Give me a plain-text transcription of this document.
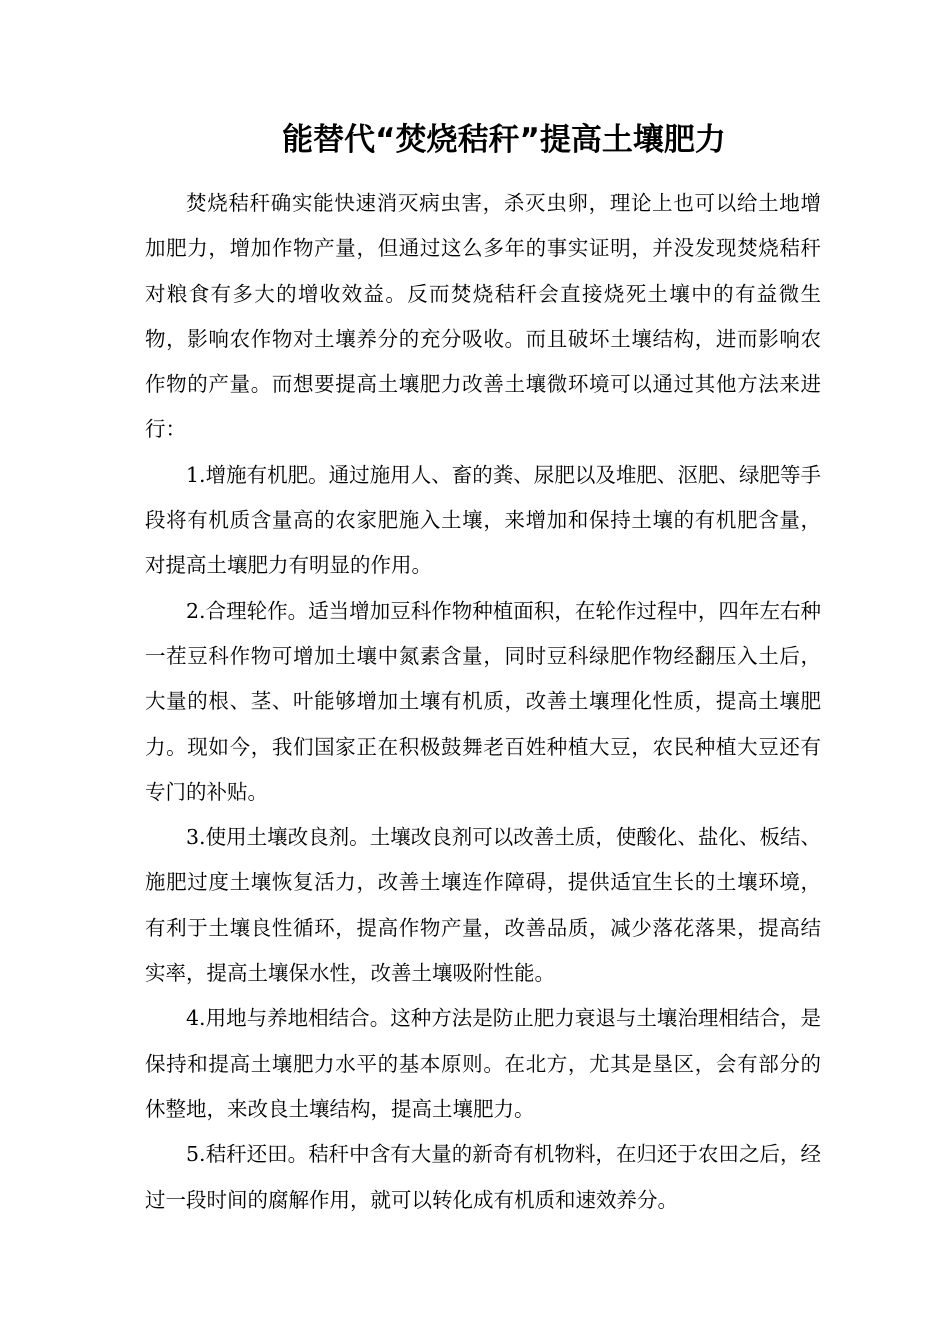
能替代“焚烧秸秆”提高土壤肥力

焚烧秸秆确实能快速消灭病虫害，杀灭虫卵，理论上也可以给土地增加肥力，增加作物产量，但通过这么多年的事实证明，并没发现焚烧秸秆对粮食有多大的增收效益。反而焚烧秸秆会直接烧死土壤中的有益微生物，影响农作物对土壤养分的充分吸收。而且破坏土壤结构，进而影响农作物的产量。而想要提高土壤肥力改善土壤微环境可以通过其他方法来进行：

1.增施有机肥。通过施用人、畜的粪、尿肥以及堆肥、沤肥、绿肥等手段将有机质含量高的农家肥施入土壤，来增加和保持土壤的有机肥含量，对提高土壤肥力有明显的作用。

2.合理轮作。适当增加豆科作物种植面积，在轮作过程中，四年左右种一茬豆科作物可增加土壤中氮素含量，同时豆科绿肥作物经翻压入土后，大量的根、茎、叶能够增加土壤有机质，改善土壤理化性质，提高土壤肥力。现如今，我们国家正在积极鼓舞老百姓种植大豆，农民种植大豆还有专门的补贴。

3.使用土壤改良剂。土壤改良剂可以改善土质，使酸化、盐化、板结、施肥过度土壤恢复活力，改善土壤连作障碍，提供适宜生长的土壤环境，有利于土壤良性循环，提高作物产量，改善品质，减少落花落果，提高结实率，提高土壤保水性，改善土壤吸附性能。

4.用地与养地相结合。这种方法是防止肥力衰退与土壤治理相结合，是保持和提高土壤肥力水平的基本原则。在北方，尤其是垦区，会有部分的休整地，来改良土壤结构，提高土壤肥力。

5.秸秆还田。秸秆中含有大量的新奇有机物料，在归还于农田之后，经过一段时间的腐解作用，就可以转化成有机质和速效养分。
